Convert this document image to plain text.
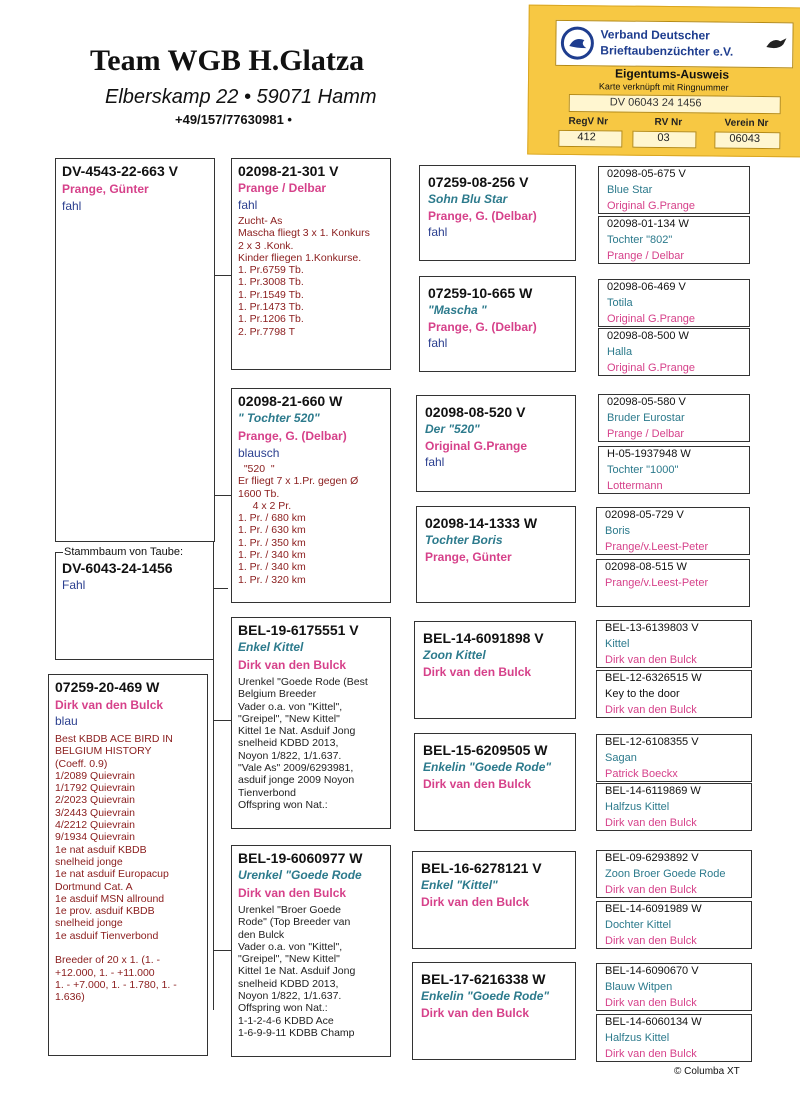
Team WGB H.Glatza
Elberskamp 22 • 59071 Hamm
+49/157/77630981 •
Verband Deutscher
Brieftaubenzüchter e.V.
Eigentums-Ausweis
Karte verknüpft mit Ringnummer
DV 06043 24 1456
RegV Nr	RV Nr	Verein Nr
412	03	06043
Stammbaum von Taube:
DV-6043-24-1456
Fahl
DV-4543-22-663 V
Prange, Günter
fahl
07259-20-469 W
Dirk van den Bulck
blau
Best KBDB ACE BIRD IN
BELGIUM HISTORY
(Coeff. 0.9)
1/2089 Quievrain
1/1792 Quievrain
2/2023 Quievrain
3/2443 Quievrain
4/2212 Quievrain
9/1934 Quievrain
1e nat asduif KBDB
snelheid jonge
1e nat asduif Europacup
Dortmund Cat. A
1e asduif MSN allround
1e prov. asduif KBDB
snelheid jonge
1e asduif Tienverbond

Breeder of 20 x 1. (1. -
+12.000, 1. - +11.000
1. - +7.000, 1. - 1.780, 1. -
1.636)
02098-21-301 V
Prange / Delbar
fahl
Zucht- As
Mascha fliegt 3 x 1. Konkurs
2 x 3 .Konk.
Kinder fliegen 1.Konkurse.
1. Pr.6759 Tb.
1. Pr.3008 Tb.
1. Pr.1549 Tb.
1. Pr.1473 Tb.
1. Pr.1206 Tb.
2. Pr.7798 T
02098-21-660 W
" Tochter 520"
Prange, G. (Delbar)
blausch
"520  "
Er fliegt 7 x 1.Pr. gegen Ø
1600 Tb.
4 x 2 Pr.
1. Pr. / 680 km
1. Pr. / 630 km
1. Pr. / 350 km
1. Pr. / 340 km
1. Pr. / 340 km
1. Pr. / 320 km
BEL-19-6175551 V
Enkel Kittel
Dirk van den Bulck
Urenkel "Goede Rode (Best
Belgium Breeder
Vader o.a. von "Kittel",
"Greipel", "New Kittel"
Kittel 1e Nat. Asduif Jong
snelheid KDBD 2013,
Noyon 1/822, 1/1.637.
"Vale As" 2009/6293981,
asduif jonge 2009 Noyon
Tienverbond
Offspring won Nat.:
BEL-19-6060977 W
Urenkel "Goede Rode
Dirk van den Bulck
Urenkel "Broer Goede
Rode" (Top Breeder van
den Bulck
Vader o.a. von "Kittel",
"Greipel", "New Kittel"
Kittel 1e Nat. Asduif Jong
snelheid KDBD 2013,
Noyon 1/822, 1/1.637.
Offspring won Nat.:
1-1-2-4-6 KDBD Ace
1-6-9-9-11 KDBB Champ
07259-08-256 V
Sohn Blu Star
Prange, G. (Delbar)
fahl
07259-10-665 W
"Mascha "
Prange, G. (Delbar)
fahl
02098-08-520 V
Der "520"
Original G.Prange
fahl
02098-14-1333 W
Tochter Boris
Prange, Günter
BEL-14-6091898 V
Zoon Kittel
Dirk van den Bulck
BEL-15-6209505 W
Enkelin "Goede Rode"
Dirk van den Bulck
BEL-16-6278121 V
Enkel "Kittel"
Dirk van den Bulck
BEL-17-6216338 W
Enkelin "Goede Rode"
Dirk van den Bulck
02098-05-675 V
Blue Star
Original G.Prange
02098-01-134 W
Tochter "802"
Prange / Delbar
02098-06-469 V
Totila
Original G.Prange
02098-08-500 W
Halla
Original G.Prange
02098-05-580 V
Bruder Eurostar
Prange / Delbar
H-05-1937948 W
Tochter "1000"
Lottermann
02098-05-729 V
Boris
Prange/v.Leest-Peter
02098-08-515 W
Prange/v.Leest-Peter
BEL-13-6139803 V
Kittel
Dirk van den Bulck
BEL-12-6326515 W
Key to the door
Dirk van den Bulck
BEL-12-6108355 V
Sagan
Patrick Boeckx
BEL-14-6119869 W
Halfzus Kittel
Dirk van den Bulck
BEL-09-6293892 V
Zoon Broer Goede Rode
Dirk van den Bulck
BEL-14-6091989 W
Dochter Kittel
Dirk van den Bulck
BEL-14-6090670 V
Blauw Witpen
Dirk van den Bulck
BEL-14-6060134 W
Halfzus Kittel
Dirk van den Bulck
© Columba XT
